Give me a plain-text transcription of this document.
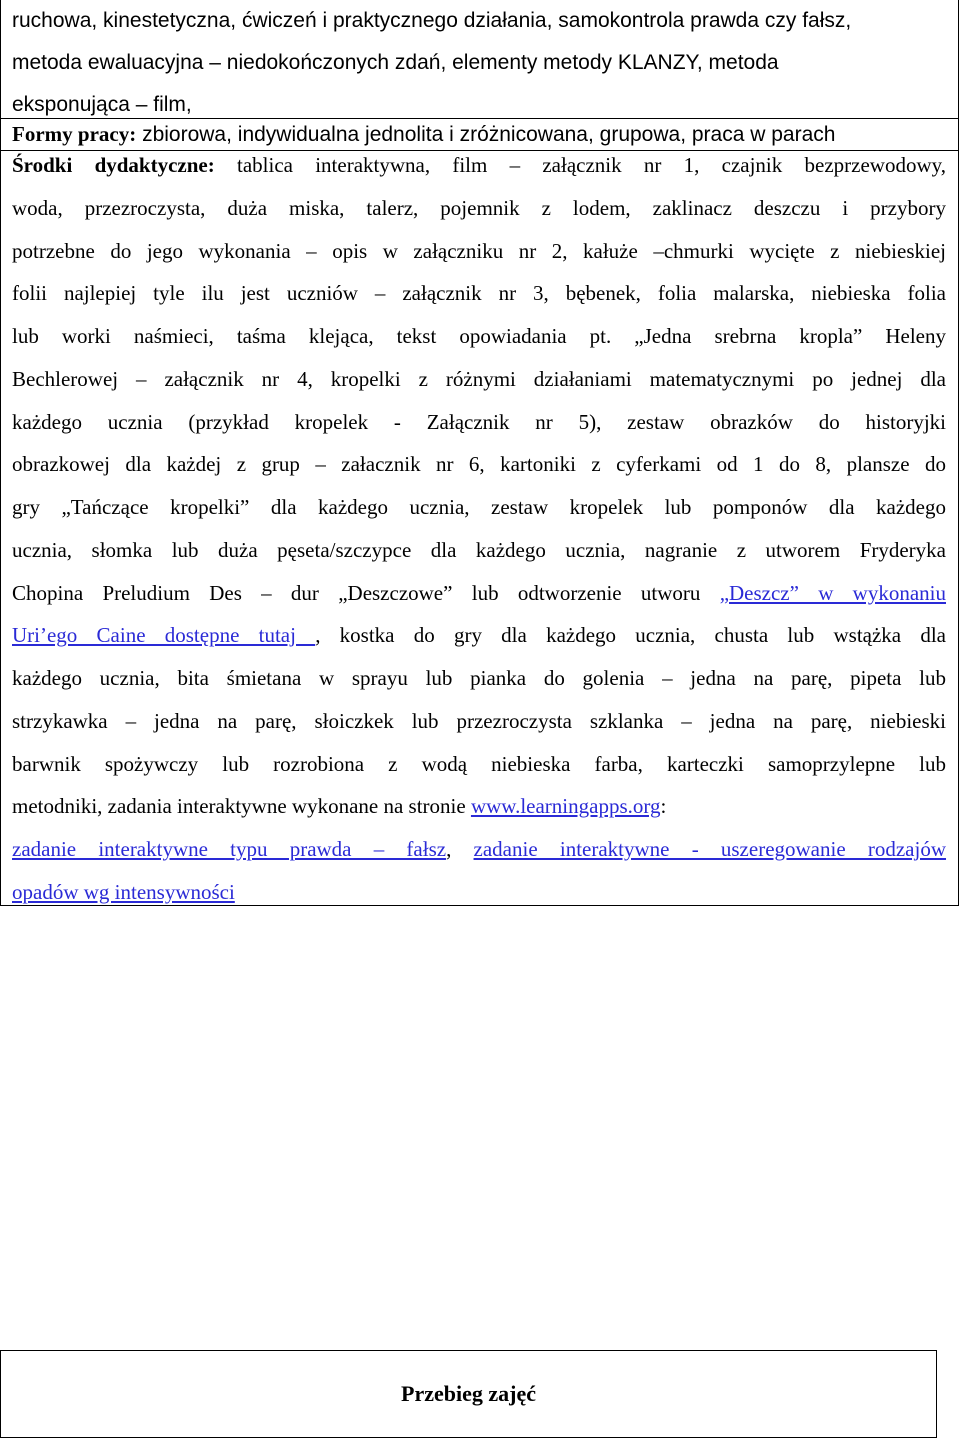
ruchowa, kinestetyczna, ćwiczeń i praktycznego działania, samokontrola prawda czy fałsz,
metoda ewaluacyjna – niedokończonych zdań, elementy metody KLANZY, metoda
eksponująca – film,
Formy pracy: zbiorowa, indywidualna jednolita i zróżnicowana, grupowa, praca w parach
Środki dydaktyczne: tablica interaktywna, film – załącznik nr 1, czajnik bezprzewodowy,
woda, przezroczysta, duża miska, talerz, pojemnik z lodem, zaklinacz deszczu i przybory
potrzebne do jego wykonania – opis w załączniku nr 2, kałuże –chmurki wycięte z niebieskiej
folii najlepiej tyle ilu jest uczniów – załącznik nr 3, bębenek, folia malarska, niebieska folia
lub worki naśmieci, taśma klejąca, tekst opowiadania pt. „Jedna srebrna kropla” Heleny
Bechlerowej – załącznik nr 4, kropelki z różnymi działaniami matematycznymi po jednej dla
każdego ucznia (przykład kropelek - Załącznik nr 5), zestaw obrazków do historyjki
obrazkowej dla każdej z grup – załacznik nr 6, kartoniki z cyferkami od 1 do 8, plansze do
gry „Tańczące kropelki” dla każdego ucznia, zestaw kropelek lub pomponów dla każdego
ucznia, słomka lub duża pęseta/szczypce dla każdego ucznia, nagranie z utworem Fryderyka
Chopina Preludium Des – dur „Deszczowe” lub odtworzenie utworu „Deszcz” w wykonaniu
Uri’ego Caine dostępne tutaj , kostka do gry dla każdego ucznia, chusta lub wstążka dla
każdego ucznia, bita śmietana w sprayu lub pianka do golenia – jedna na parę, pipeta lub
strzykawka – jedna na parę, słoiczkek lub przezroczysta szklanka – jedna na parę, niebieski
barwnik spożywczy lub rozrobiona z wodą niebieska farba, karteczki samoprzylepne lub
metodniki, zadania interaktywne wykonane na stronie www.learningapps.org:
zadanie interaktywne typu prawda – fałsz, zadanie interaktywne - uszeregowanie rodzajów
opadów wg intensywności
Przebieg zajęć
